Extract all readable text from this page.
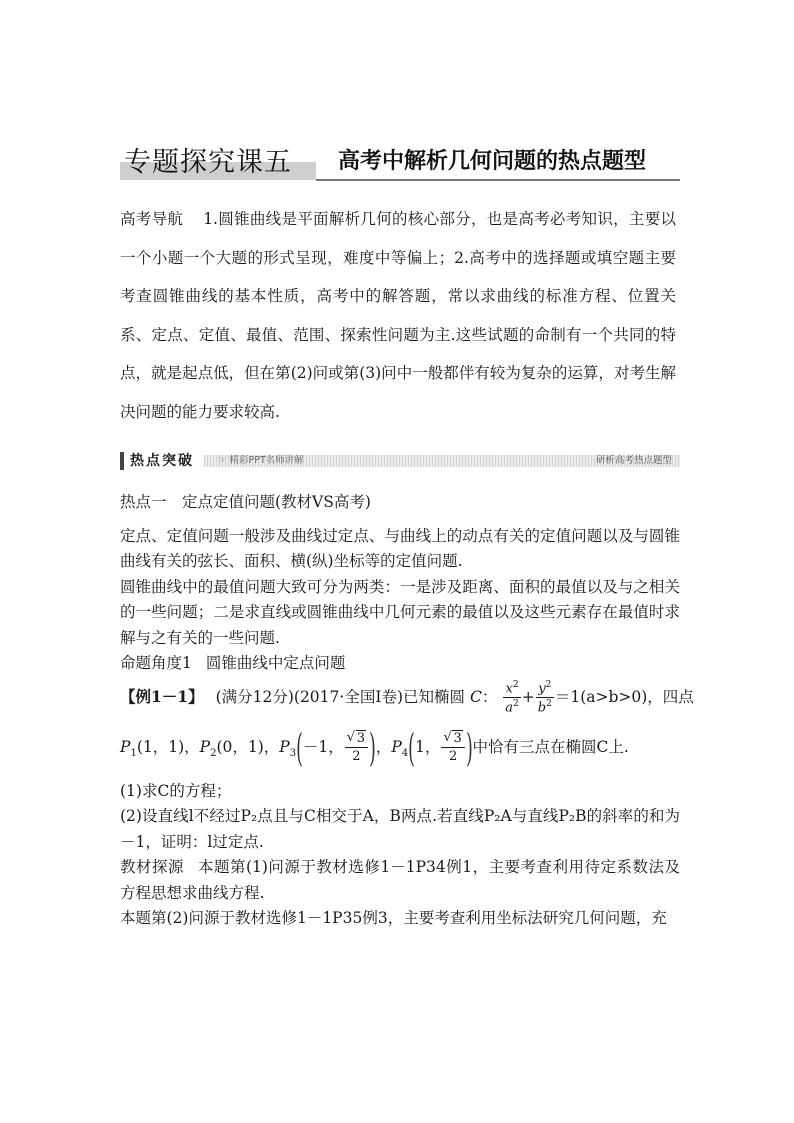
专题探究课五 高考中解析几何问题的热点题型
高考导航 1.圆锥曲线是平面解析几何的核心部分，也是高考必考知识，主要以一个小题一个大题的形式呈现，难度中等偏上；2.高考中的选择题或填空题主要考查圆锥曲线的基本性质，高考中的解答题，常以求曲线的标准方程、位置关系、定点、定值、最值、范围、探索性问题为主.这些试题的命制有一个共同的特点，就是起点低，但在第(2)问或第(3)问中一般都伴有较为复杂的运算，对考生解决问题的能力要求较高.
热点突破	☞ 精彩PPT名师讲解	研析高考热点题型

热点一　定点定值问题(教材VS高考)

定点、定值问题一般涉及曲线过定点、与曲线上的动点有关的定值问题以及与圆锥曲线有关的弦长、面积、横(纵)坐标等的定值问题.

圆锥曲线中的最值问题大致可分为两类：一是涉及距离、面积的最值以及与之相关的一些问题；二是求直线或圆锥曲线中几何元素的最值以及这些元素存在最值时求解与之有关的一些问题.

命题角度1 圆锥曲线中定点问题

【例1－1】 (满分12分)(2017·全国Ⅰ卷)已知椭圆 C： $\frac{x^2}{a^2} + \frac{y^2}{b^2} =1(a>b>0)$，四点

$P_1(1$，1)，$P_2(0$，1)，$P_3(-1$， √ $\frac{3}{2}$ )，$P_4(1$， √ $\frac{3}{2}$ )中恰有三点在椭圆C上.

(1)求C的方程；

(2)设直线l不经过P₂点且与C相交于A，B两点.若直线P₂A与直线P₂B的斜率的和为－1，证明：l过定点.

教材探源 本题第(1)问源于教材选修1－1P34例1，主要考查利用待定系数法及方程思想求曲线方程.

本题第(2)问源于教材选修1－1P35例3，主要考查利用坐标法研究几何问题，充
